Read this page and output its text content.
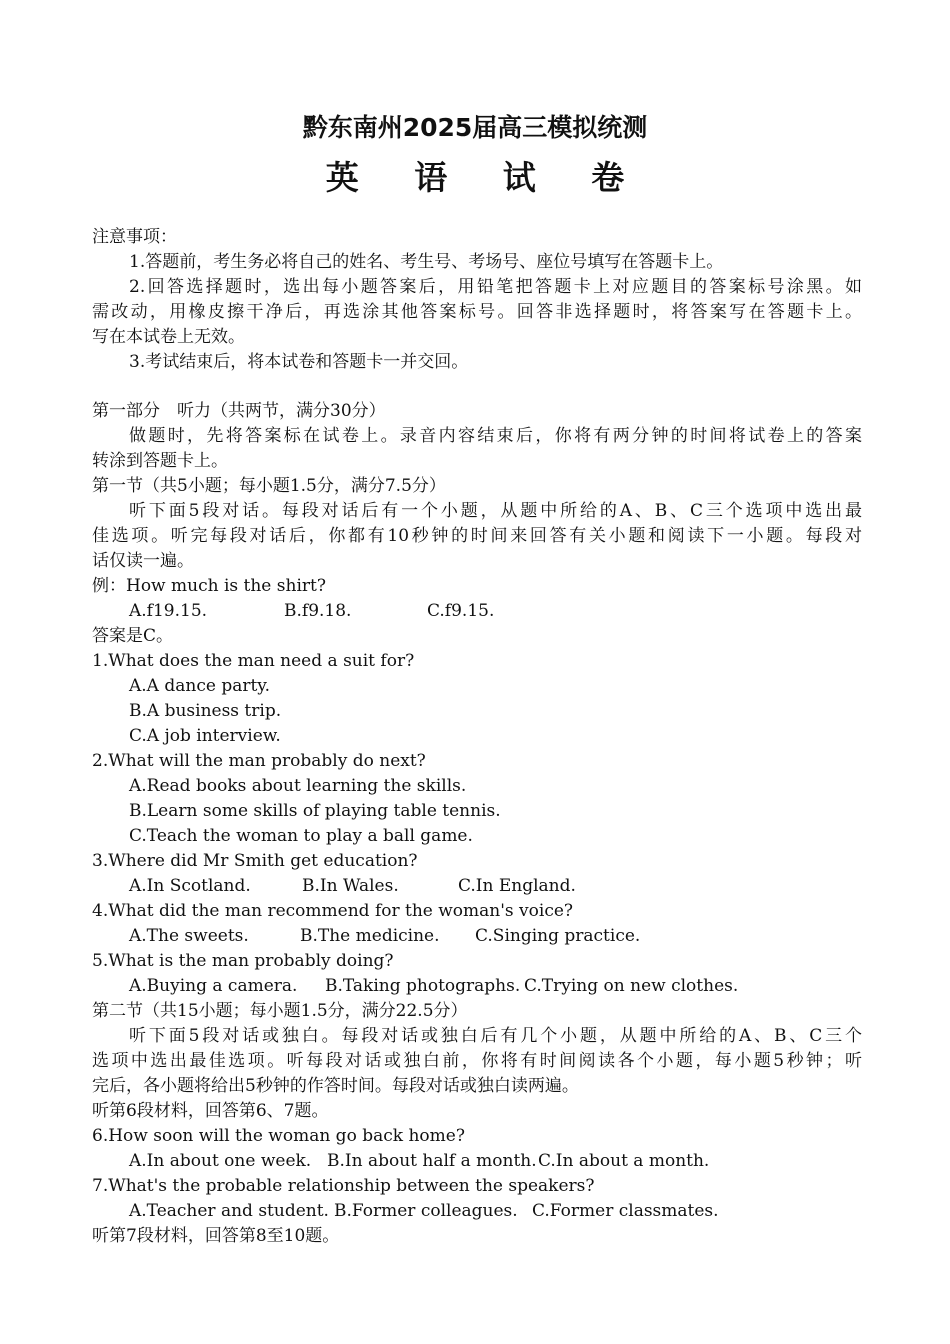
黔东南州2025届高三模拟统测
英 语 试 卷
注意事项：
1.答题前，考生务必将自己的姓名、考生号、考场号、座位号填写在答题卡上。
2.回答选择题时，选出每小题答案后，用铅笔把答题卡上对应题目的答案标号涂黑。如
需改动，用橡皮擦干净后，再选涂其他答案标号。回答非选择题时，将答案写在答题卡上。
写在本试卷上无效。
3.考试结束后，将本试卷和答题卡一并交回。
第一部分　听力（共两节，满分30分）
做题时，先将答案标在试卷上。录音内容结束后，你将有两分钟的时间将试卷上的答案
转涂到答题卡上。
第一节（共5小题；每小题1.5分，满分7.5分）
听下面5段对话。每段对话后有一个小题，从题中所给的A、B、C三个选项中选出最
佳选项。听完每段对话后，你都有10秒钟的时间来回答有关小题和阅读下一小题。每段对
话仅读一遍。
例：How much is the shirt?
A.f19.15.	B.f9.18.	C.f9.15.
答案是C。
1.What does the man need a suit for?
A.A dance party.
B.A business trip.
C.A job interview.
2.What will the man probably do next?
A.Read books about learning the skills.
B.Learn some skills of playing table tennis.
C.Teach the woman to play a ball game.
3.Where did Mr Smith get education?
A.In Scotland.	B.In Wales.	C.In England.
4.What did the man recommend for the woman's voice?
A.The sweets.	B.The medicine. C.Singing practice.
5.What is the man probably doing?
A.Buying a camera. B.Taking photographs. C.Trying on new clothes.
第二节（共15小题；每小题1.5分，满分22.5分）
听下面5段对话或独白。每段对话或独白后有几个小题，从题中所给的A、B、C三个
选项中选出最佳选项。听每段对话或独白前，你将有时间阅读各个小题，每小题5秒钟；听
完后，各小题将给出5秒钟的作答时间。每段对话或独白读两遍。
听第6段材料，回答第6、7题。
6.How soon will the woman go back home?
A.In about one week. B.In about half a month.C.In about a month.
7.What's the probable relationship between the speakers?
A.Teacher and student. B.Former colleagues. C.Former classmates.
听第7段材料，回答第8至10题。
